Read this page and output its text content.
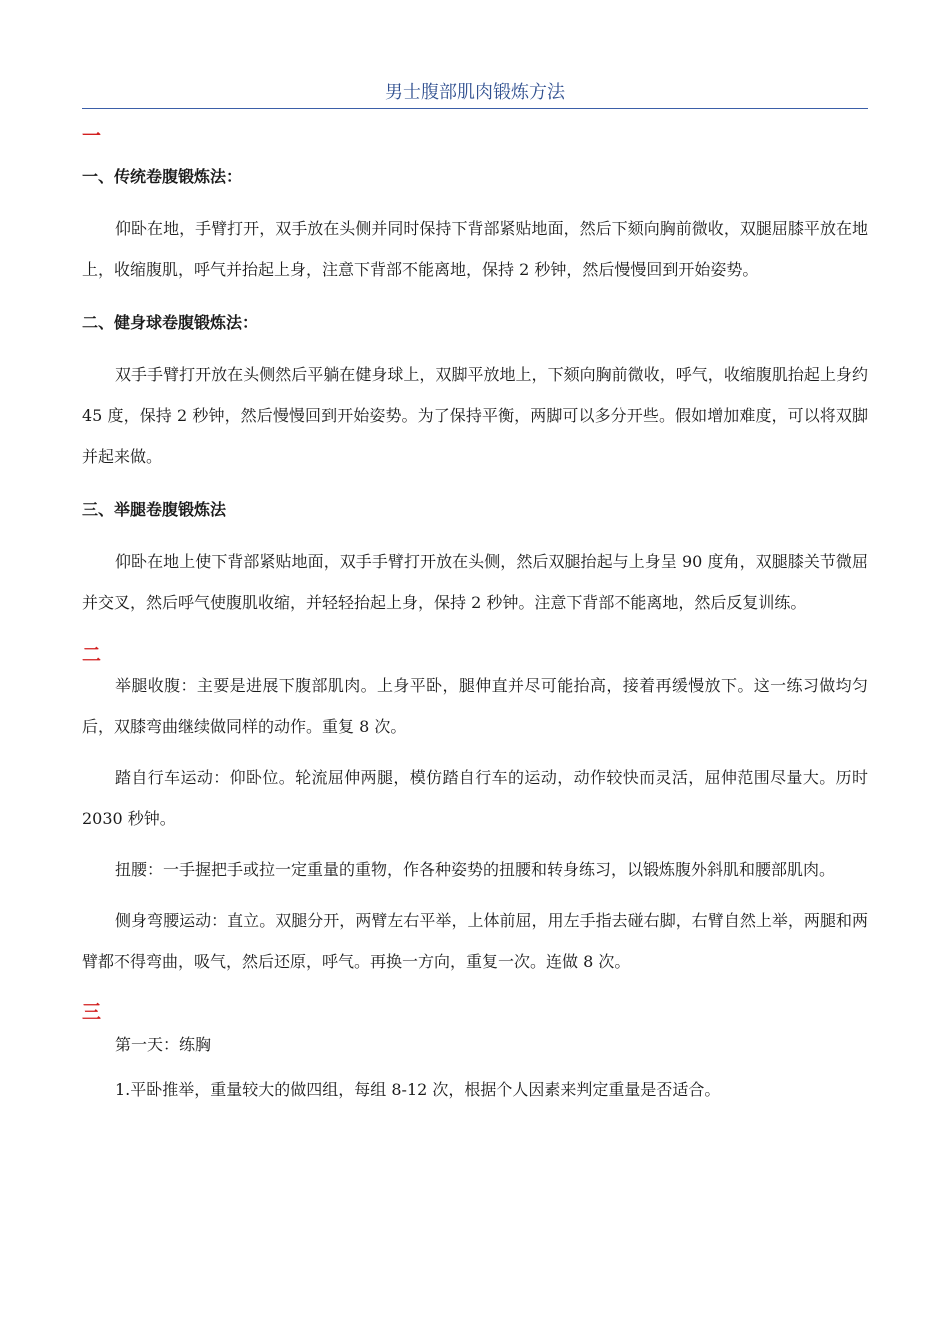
男士腹部肌肉锻炼方法

一

一、传统卷腹锻炼法：

仰卧在地，手臂打开，双手放在头侧并同时保持下背部紧贴地面，然后下颏向胸前微收，双腿屈膝平放在地上，收缩腹肌，呼气并抬起上身，注意下背部不能离地，保持 2 秒钟，然后慢慢回到开始姿势。

二、健身球卷腹锻炼法：

双手手臂打开放在头侧然后平躺在健身球上，双脚平放地上，下颏向胸前微收，呼气，收缩腹肌抬起上身约 45 度，保持 2 秒钟，然后慢慢回到开始姿势。为了保持平衡，两脚可以多分开些。假如增加难度，可以将双脚并起来做。

三、举腿卷腹锻炼法

仰卧在地上使下背部紧贴地面，双手手臂打开放在头侧，然后双腿抬起与上身呈 90 度角，双腿膝关节微屈并交叉，然后呼气使腹肌收缩，并轻轻抬起上身，保持 2 秒钟。注意下背部不能离地，然后反复训练。

二

举腿收腹：主要是进展下腹部肌肉。上身平卧，腿伸直并尽可能抬高，接着再缓慢放下。这一练习做均匀后，双膝弯曲继续做同样的动作。重复 8 次。

踏自行车运动：仰卧位。轮流屈伸两腿，模仿踏自行车的运动，动作较快而灵活，屈伸范围尽量大。历时 2030 秒钟。

扭腰：一手握把手或拉一定重量的重物，作各种姿势的扭腰和转身练习，以锻炼腹外斜肌和腰部肌肉。

侧身弯腰运动：直立。双腿分开，两臂左右平举，上体前屈，用左手指去碰右脚，右臂自然上举，两腿和两臂都不得弯曲，吸气，然后还原，呼气。再换一方向，重复一次。连做 8 次。

三

第一天：练胸

1.平卧推举，重量较大的做四组，每组 8-12 次，根据个人因素来判定重量是否适合。
